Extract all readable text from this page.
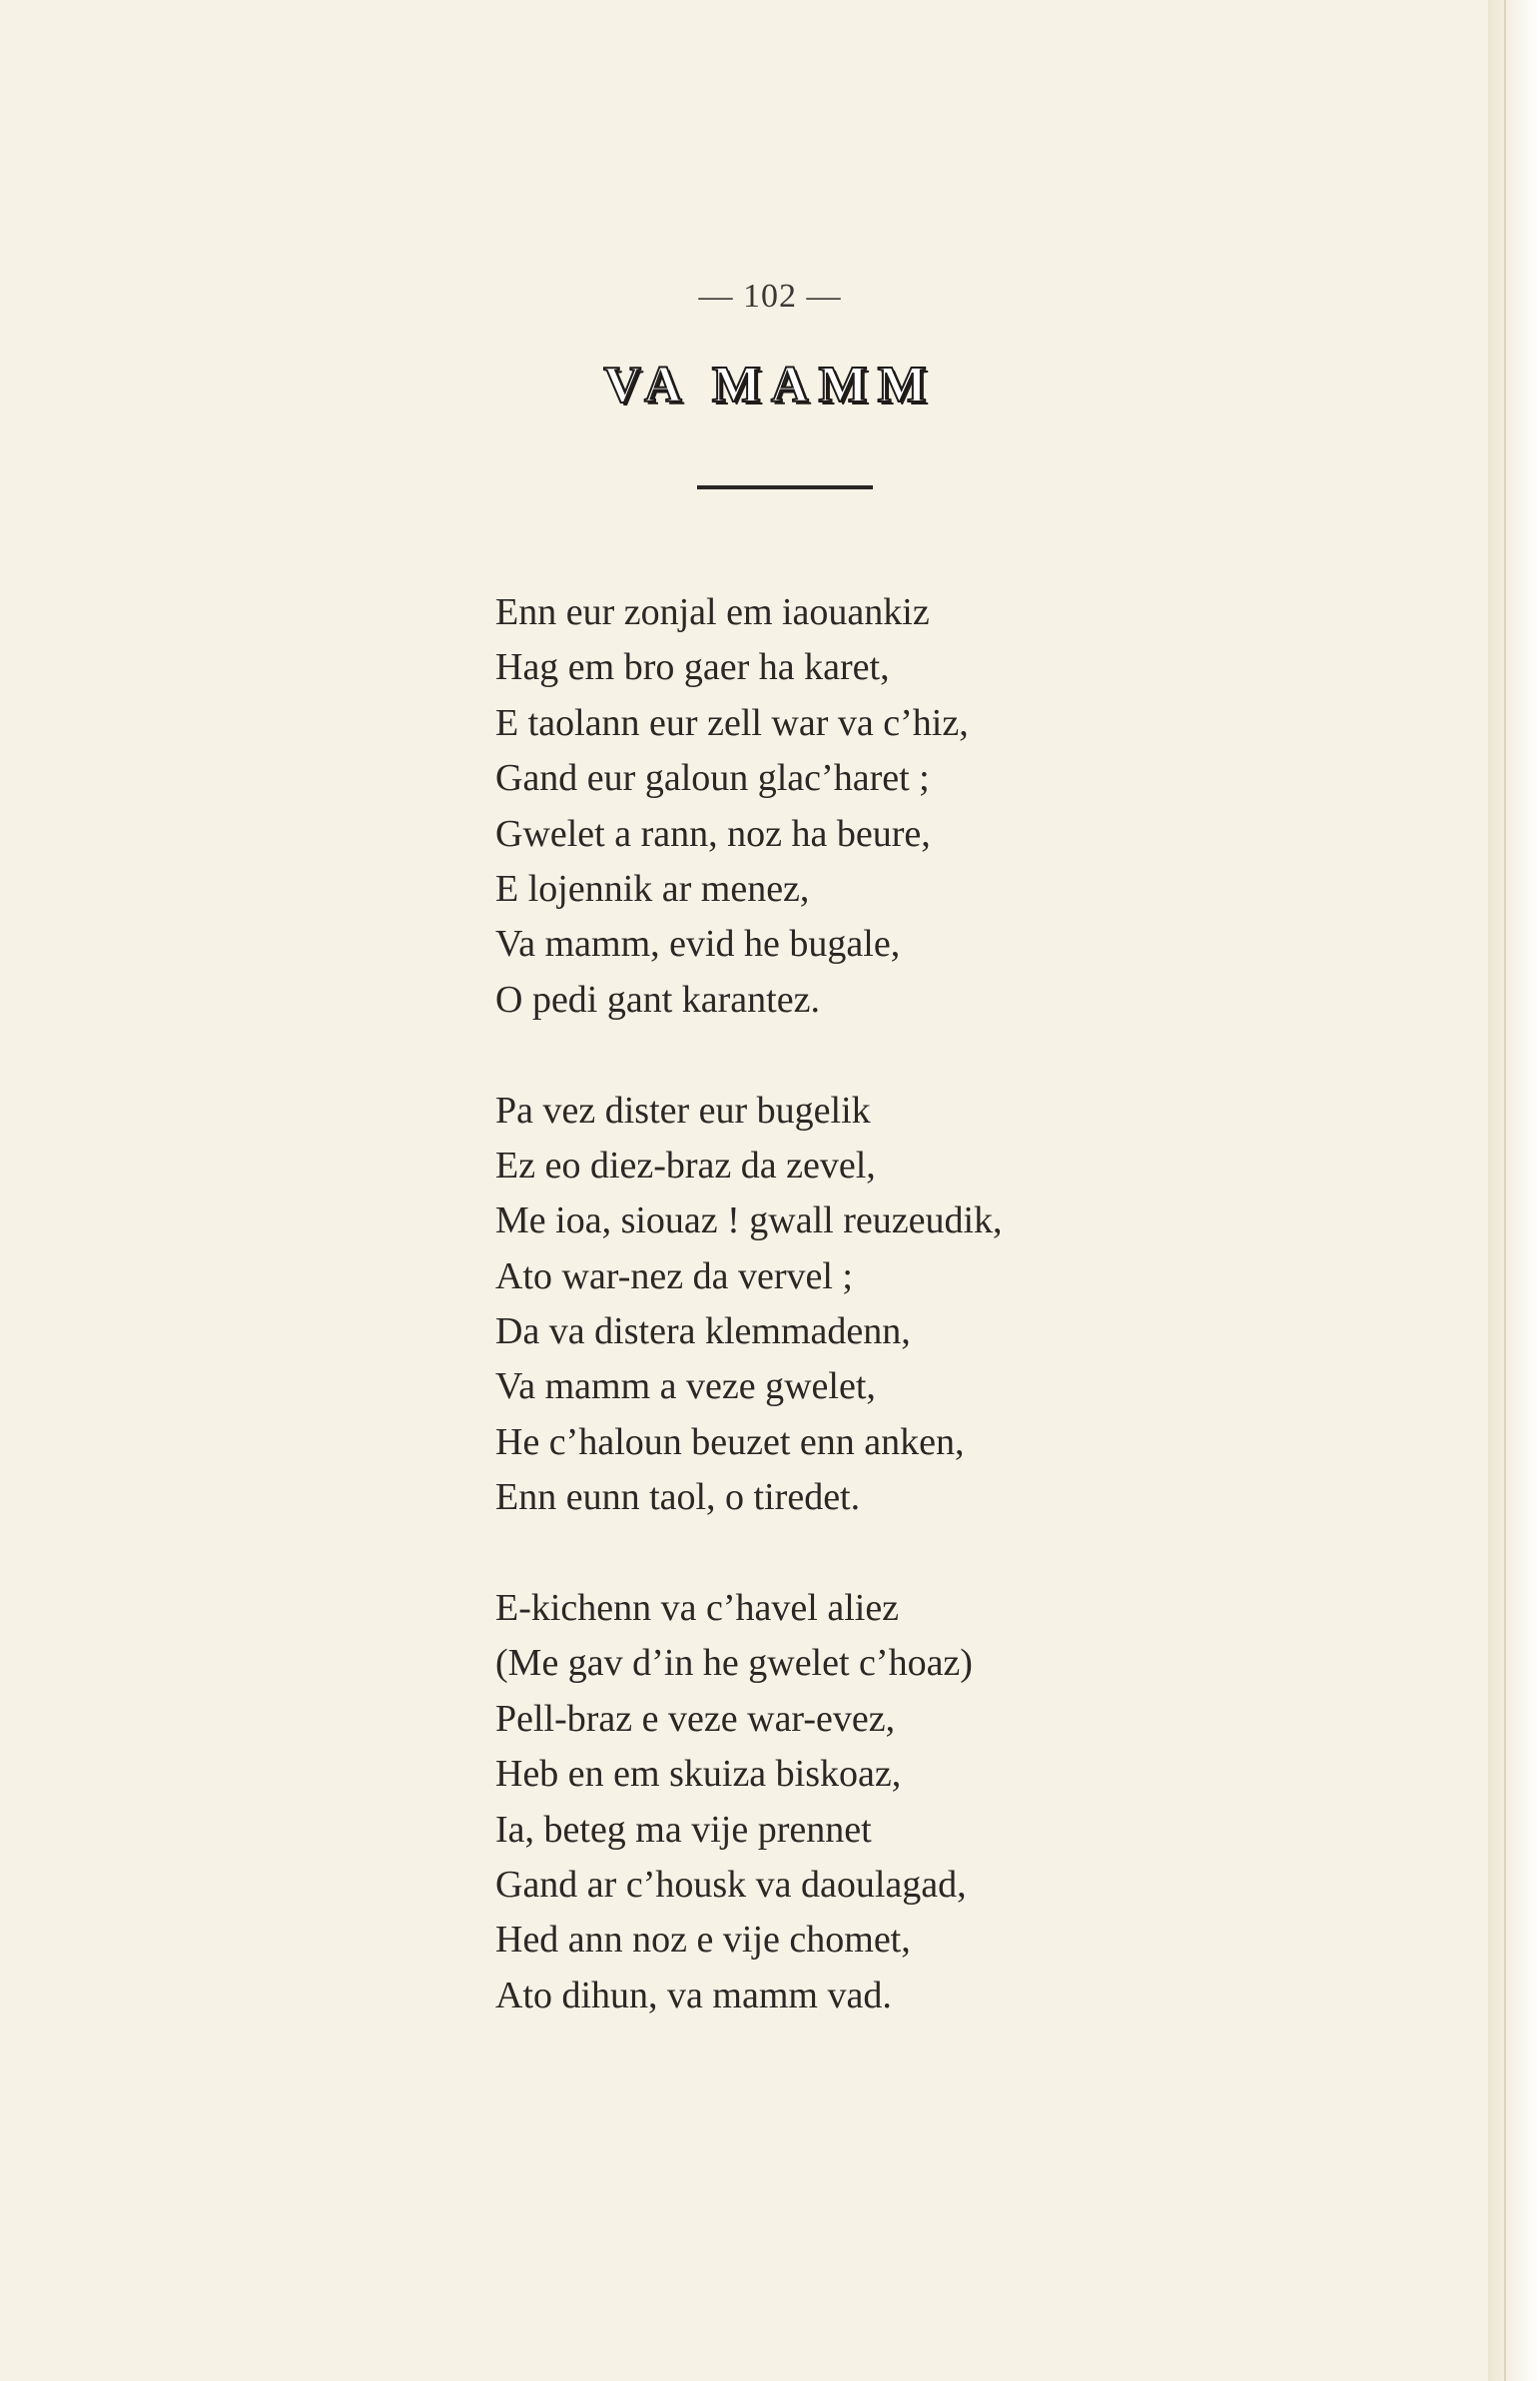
— 102 —
VA MAMM
Enn eur zonjal em iaouankiz
Hag em bro gaer ha karet,
E taolann eur zell war va c’hiz,
Gand eur galoun glac’haret ;
Gwelet a rann, noz ha beure,
E lojennik ar menez,
Va mamm, evid he bugale,
O pedi gant karantez.
Pa vez dister eur bugelik
Ez eo diez-braz da zevel,
Me ioa, siouaz ! gwall reuzeudik,
Ato war-nez da vervel ;
Da va distera klemmadenn,
Va mamm a veze gwelet,
He c’haloun beuzet enn anken,
Enn eunn taol, o tiredet.
E-kichenn va c’havel aliez
(Me gav d’in he gwelet c’hoaz)
Pell-braz e veze war-evez,
Heb en em skuiza biskoaz,
Ia, beteg ma vije prennet
Gand ar c’housk va daoulagad,
Hed ann noz e vije chomet,
Ato dihun, va mamm vad.
